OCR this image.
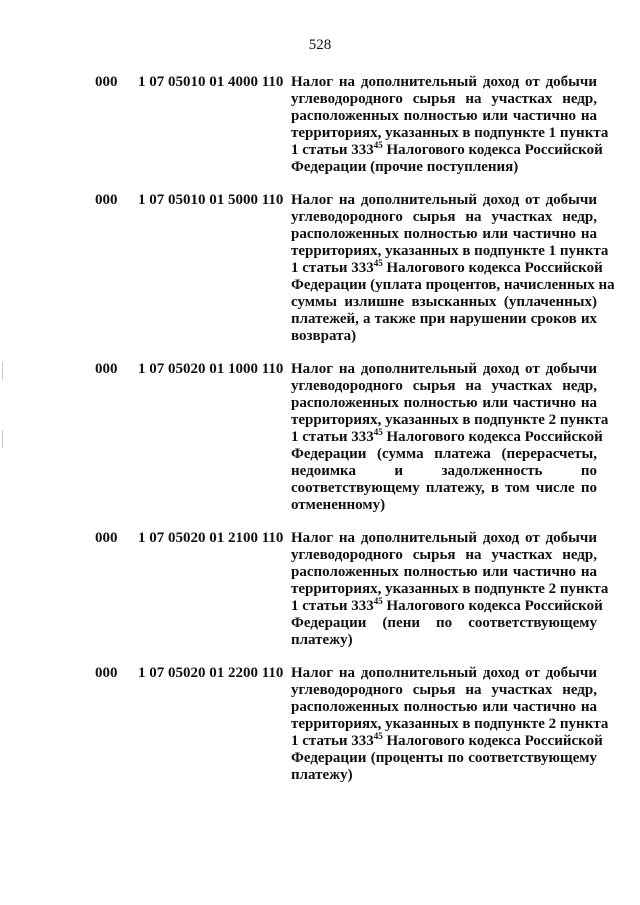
528
000 1 07 05010 01 4000 110 Налог на дополнительный доход от добычи
углеводородного сырья на участках недр,
расположенных полностью или частично на
территориях, указанных в подпункте 1 пункта
1 статьи $333^{45}$ Налогового кодекса Российской
Федерации (прочие поступления)
000 1 07 05010 01 5000 110 Налог на дополнительный доход от добычи
углеводородного сырья на участках недр,
расположенных полностью или частично на
территориях, указанных в подпункте 1 пункта
1 статьи $333^{45}$ Налогового кодекса Российской
Федерации (уплата процентов, начисленных на
суммы излишне взысканных (уплаченных)
платежей, а также при нарушении сроков их
возврата)
000 1 07 05020 01 1000 110 Налог на дополнительный доход от добычи
углеводородного сырья на участках недр,
расположенных полностью или частично на
территориях, указанных в подпункте 2 пункта
1 статьи $333^{45}$ Налогового кодекса Российской
Федерации (сумма платежа (перерасчеты,
недоимка и задолженность по
соответствующему платежу, в том числе по
отмененному)
000 1 07 05020 01 2100 110 Налог на дополнительный доход от добычи
углеводородного сырья на участках недр,
расположенных полностью или частично на
территориях, указанных в подпункте 2 пункта
1 статьи $333^{45}$ Налогового кодекса Российской
Федерации (пени по соответствующему
платежу)
000 1 07 05020 01 2200 110 Налог на дополнительный доход от добычи
углеводородного сырья на участках недр,
расположенных полностью или частично на
территориях, указанных в подпункте 2 пункта
1 статьи $333^{45}$ Налогового кодекса Российской
Федерации (проценты по соответствующему
платежу)
